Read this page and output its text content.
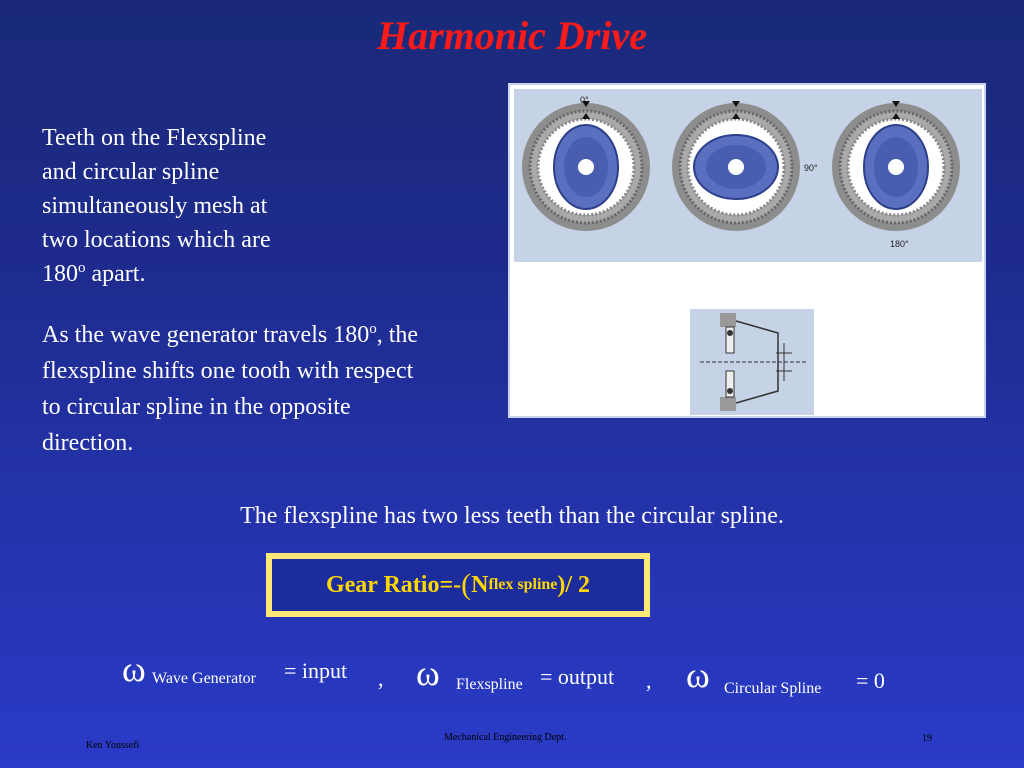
Harmonic Drive

Teeth on the Flexspline
and circular spline
simultaneously mesh at
two locations which are
180$^o$ apart.

As the wave generator travels 180$^o$, the
flexspline shifts one tooth with respect
to circular spline in the opposite
direction.

0°
90°
180°
The flexspline has two less teeth than the circular spline.
Gear Ratio = - ( N flex spline )/ 2
ω Wave Generator = input , ω Flexspline = output , ω Circular Spline = 0
Ken Youssefi
Mechanical Engineering Dept.	19
